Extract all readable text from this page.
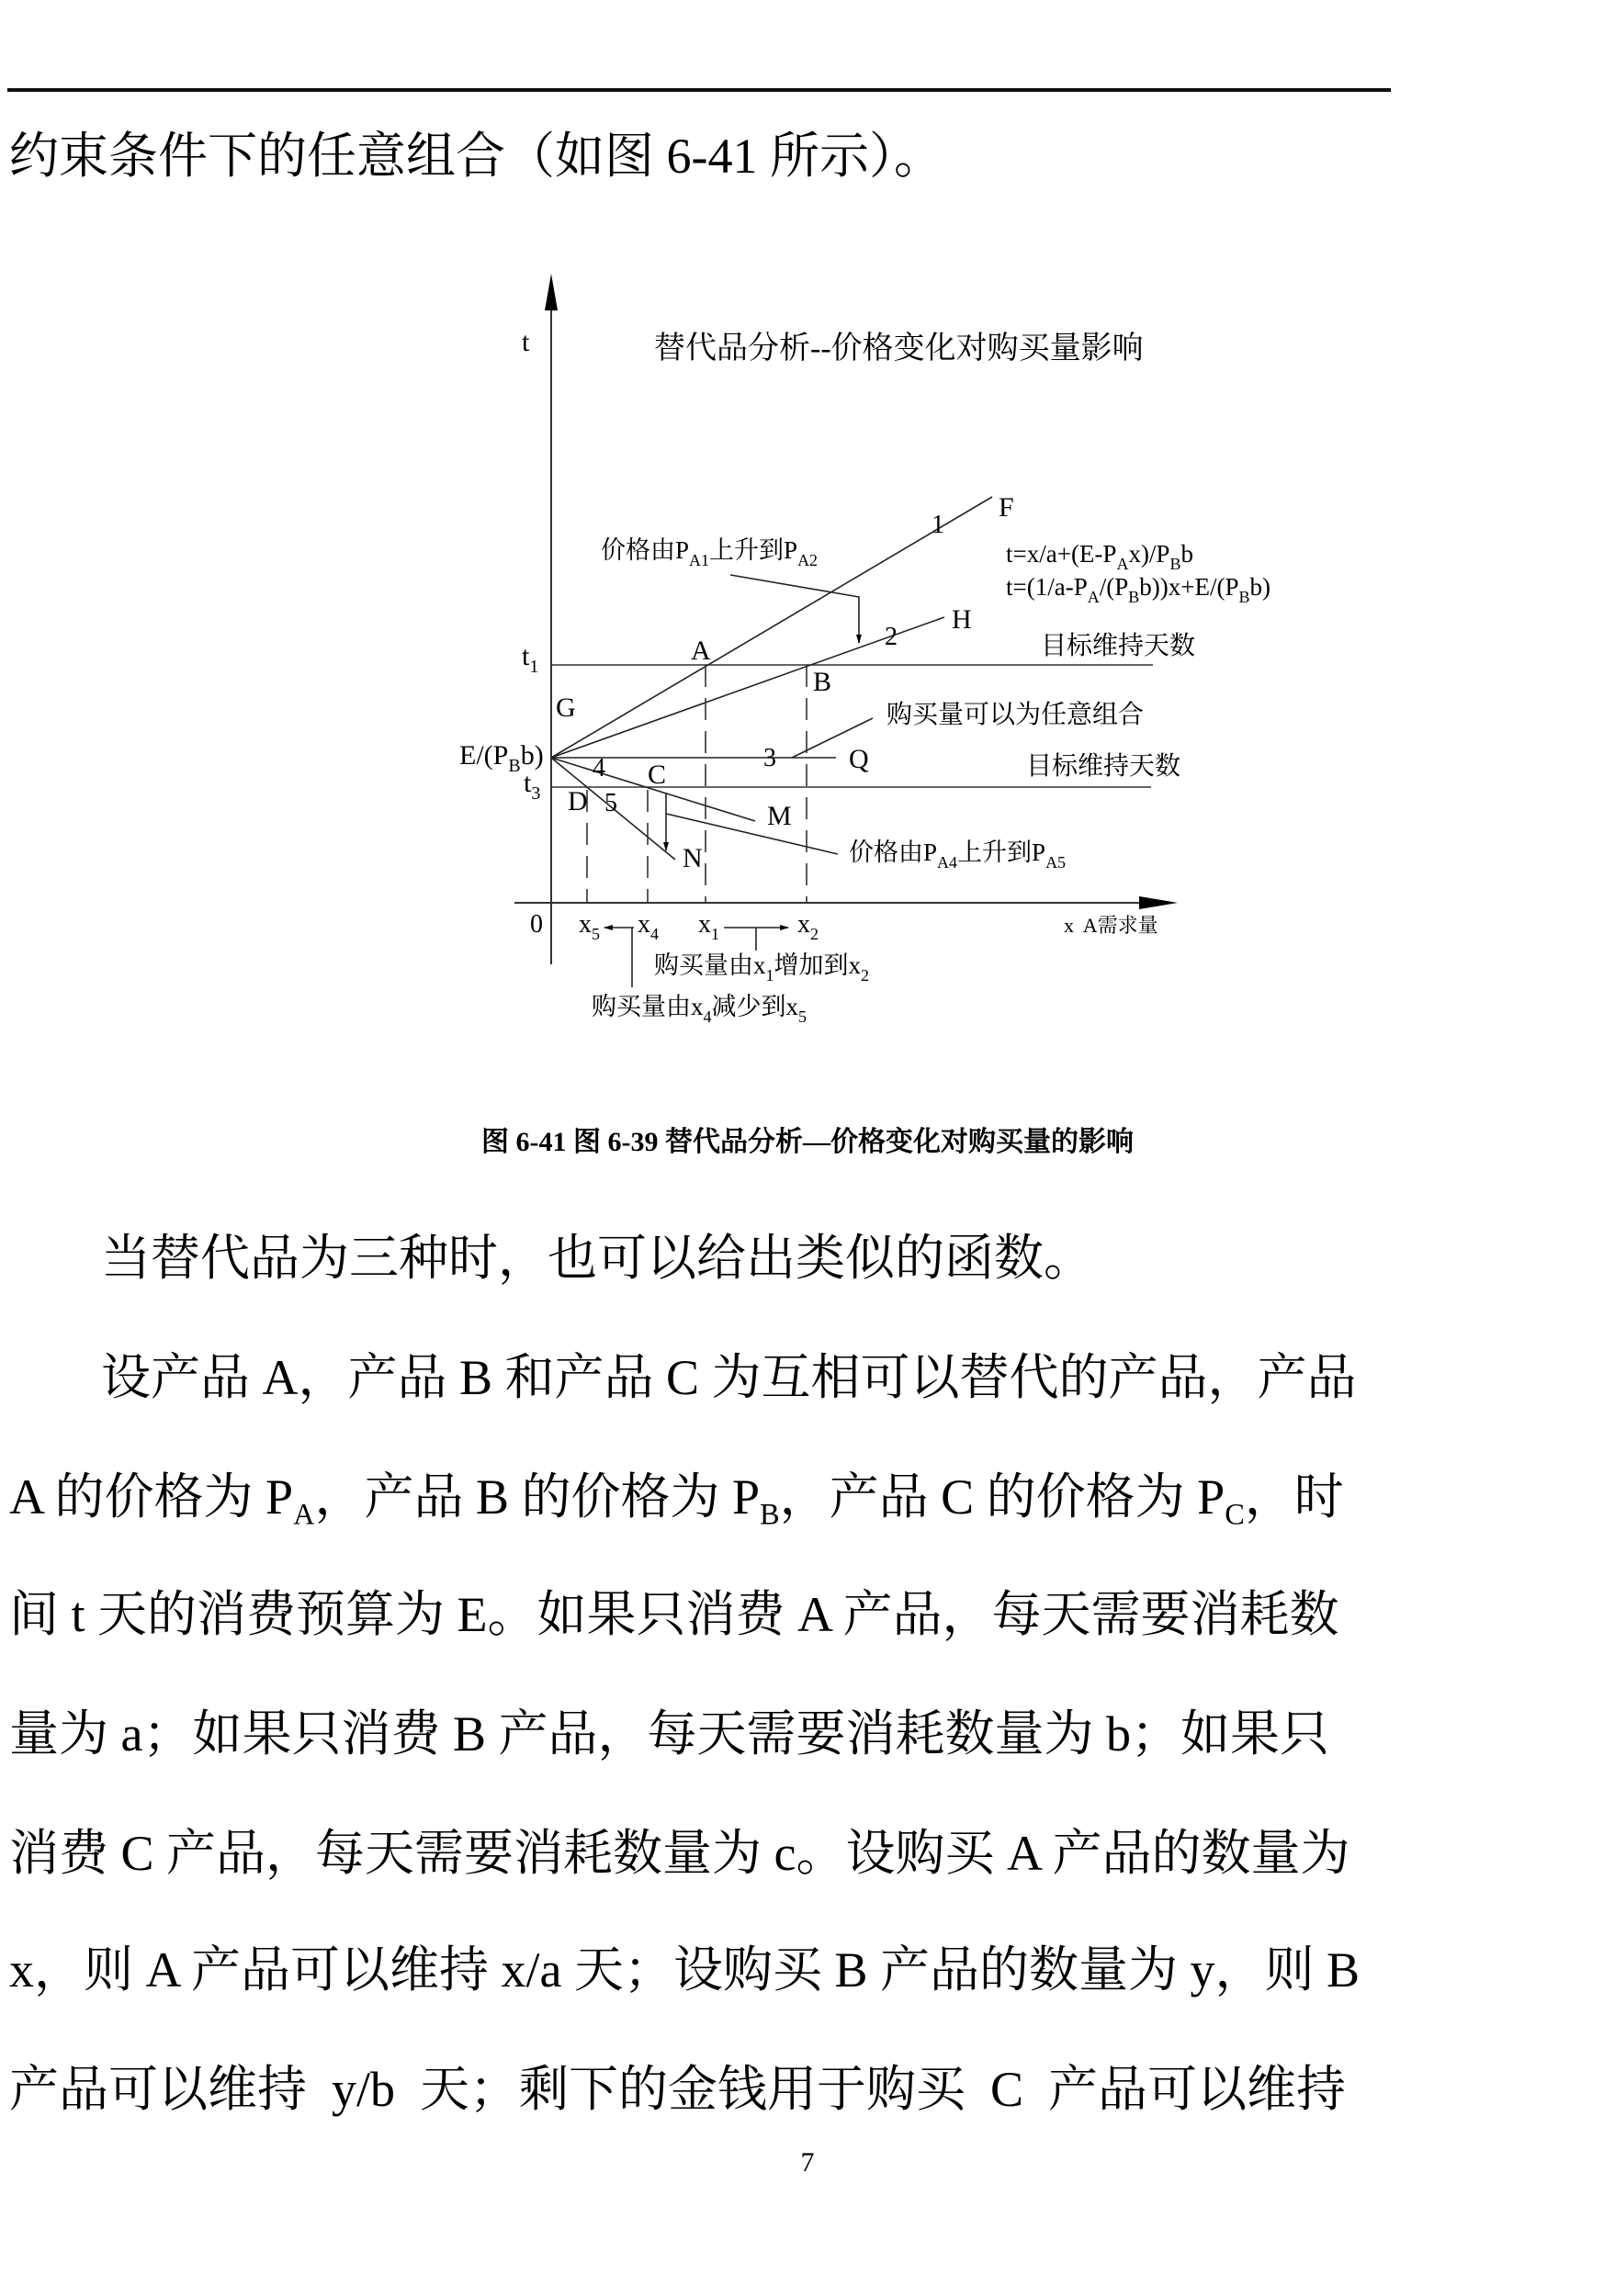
约束条件下的任意组合（如图 6-41 所示）。
t	替代品分析--价格变化对购买量影响
$t_1$
$t_3$
$E/(P_Bb)$
A
B
G
C
D
F
H
Q
M
N
1
2
3
4
5
价格由$P_{A1}$上升到$P_{A2}$	$t=x/a+(E-P_Ax)/P_Bb$
$t=(1/a-P_A/(P_Bb))x+E/(P_Bb)$
目标维持天数
购买量可以为任意组合
目标维持天数
价格由$P_{A4}$上升到$P_{A5}$
0 $x_5$ $x_4$ $x_1$	$x_2$	x  A需求量
购买量由$x_1$增加到$x_2$
购买量由$x_4$减少到$x_5$
图 6-41 图 6-39 替代品分析—价格变化对购买量的影响
当替代品为三种时，也可以给出类似的函数。
设产品 A，产品 B 和产品 C 为互相可以替代的产品，产品
A 的价格为 $P_A$，产品 B 的价格为 $P_B$，产品 C 的价格为 $P_C$，时
间 t 天的消费预算为 E。如果只消费 A 产品，每天需要消耗数
量为 a；如果只消费 B 产品，每天需要消耗数量为 b；如果只
消费 C 产品，每天需要消耗数量为 c。设购买 A 产品的数量为
x，则 A 产品可以维持 x/a 天；设购买 B 产品的数量为 y，则 B
产品可以维持  y/b  天；剩下的金钱用于购买  C  产品可以维持
7
